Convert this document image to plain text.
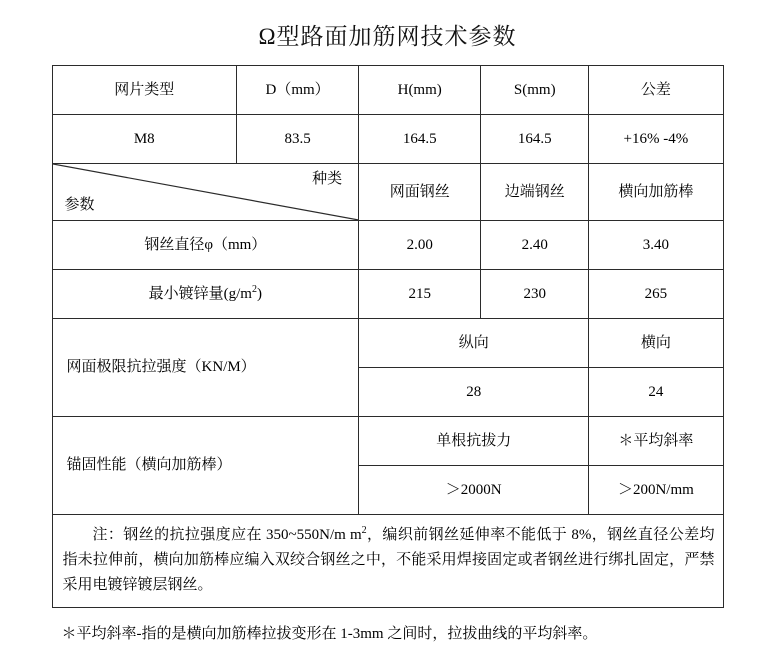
Ω型路面加筋网技术参数
网片类型	D（mm）	H(mm)	S(mm)	公差
M8	83.5	164.5	164.5	+16% -4%

种类
参数		网面钢丝	边端钢丝	横向加筋棒
钢丝直径φ（mm）		2.00	2.40	3.40
最小镀锌量$(g/m^2)$		215	230	265
网面极限抗拉强度（KN/M）		纵向		横向
		28		24
锚固性能（横向加筋棒）		单根抗拔力		＊平均斜率
		＞2000N		＞200N/mm

注：钢丝的抗拉强度应在 350~550N/m $m^2$，编织前钢丝延伸率不能低于 8%，钢丝直径公差均指未拉伸前，横向加筋棒应编入双绞合钢丝之中，不能采用焊接固定或者钢丝进行绑扎固定，严禁采用电镀锌镀层钢丝。				
＊平均斜率-指的是横向加筋棒拉拔变形在 1-3mm 之间时，拉拔曲线的平均斜率。
